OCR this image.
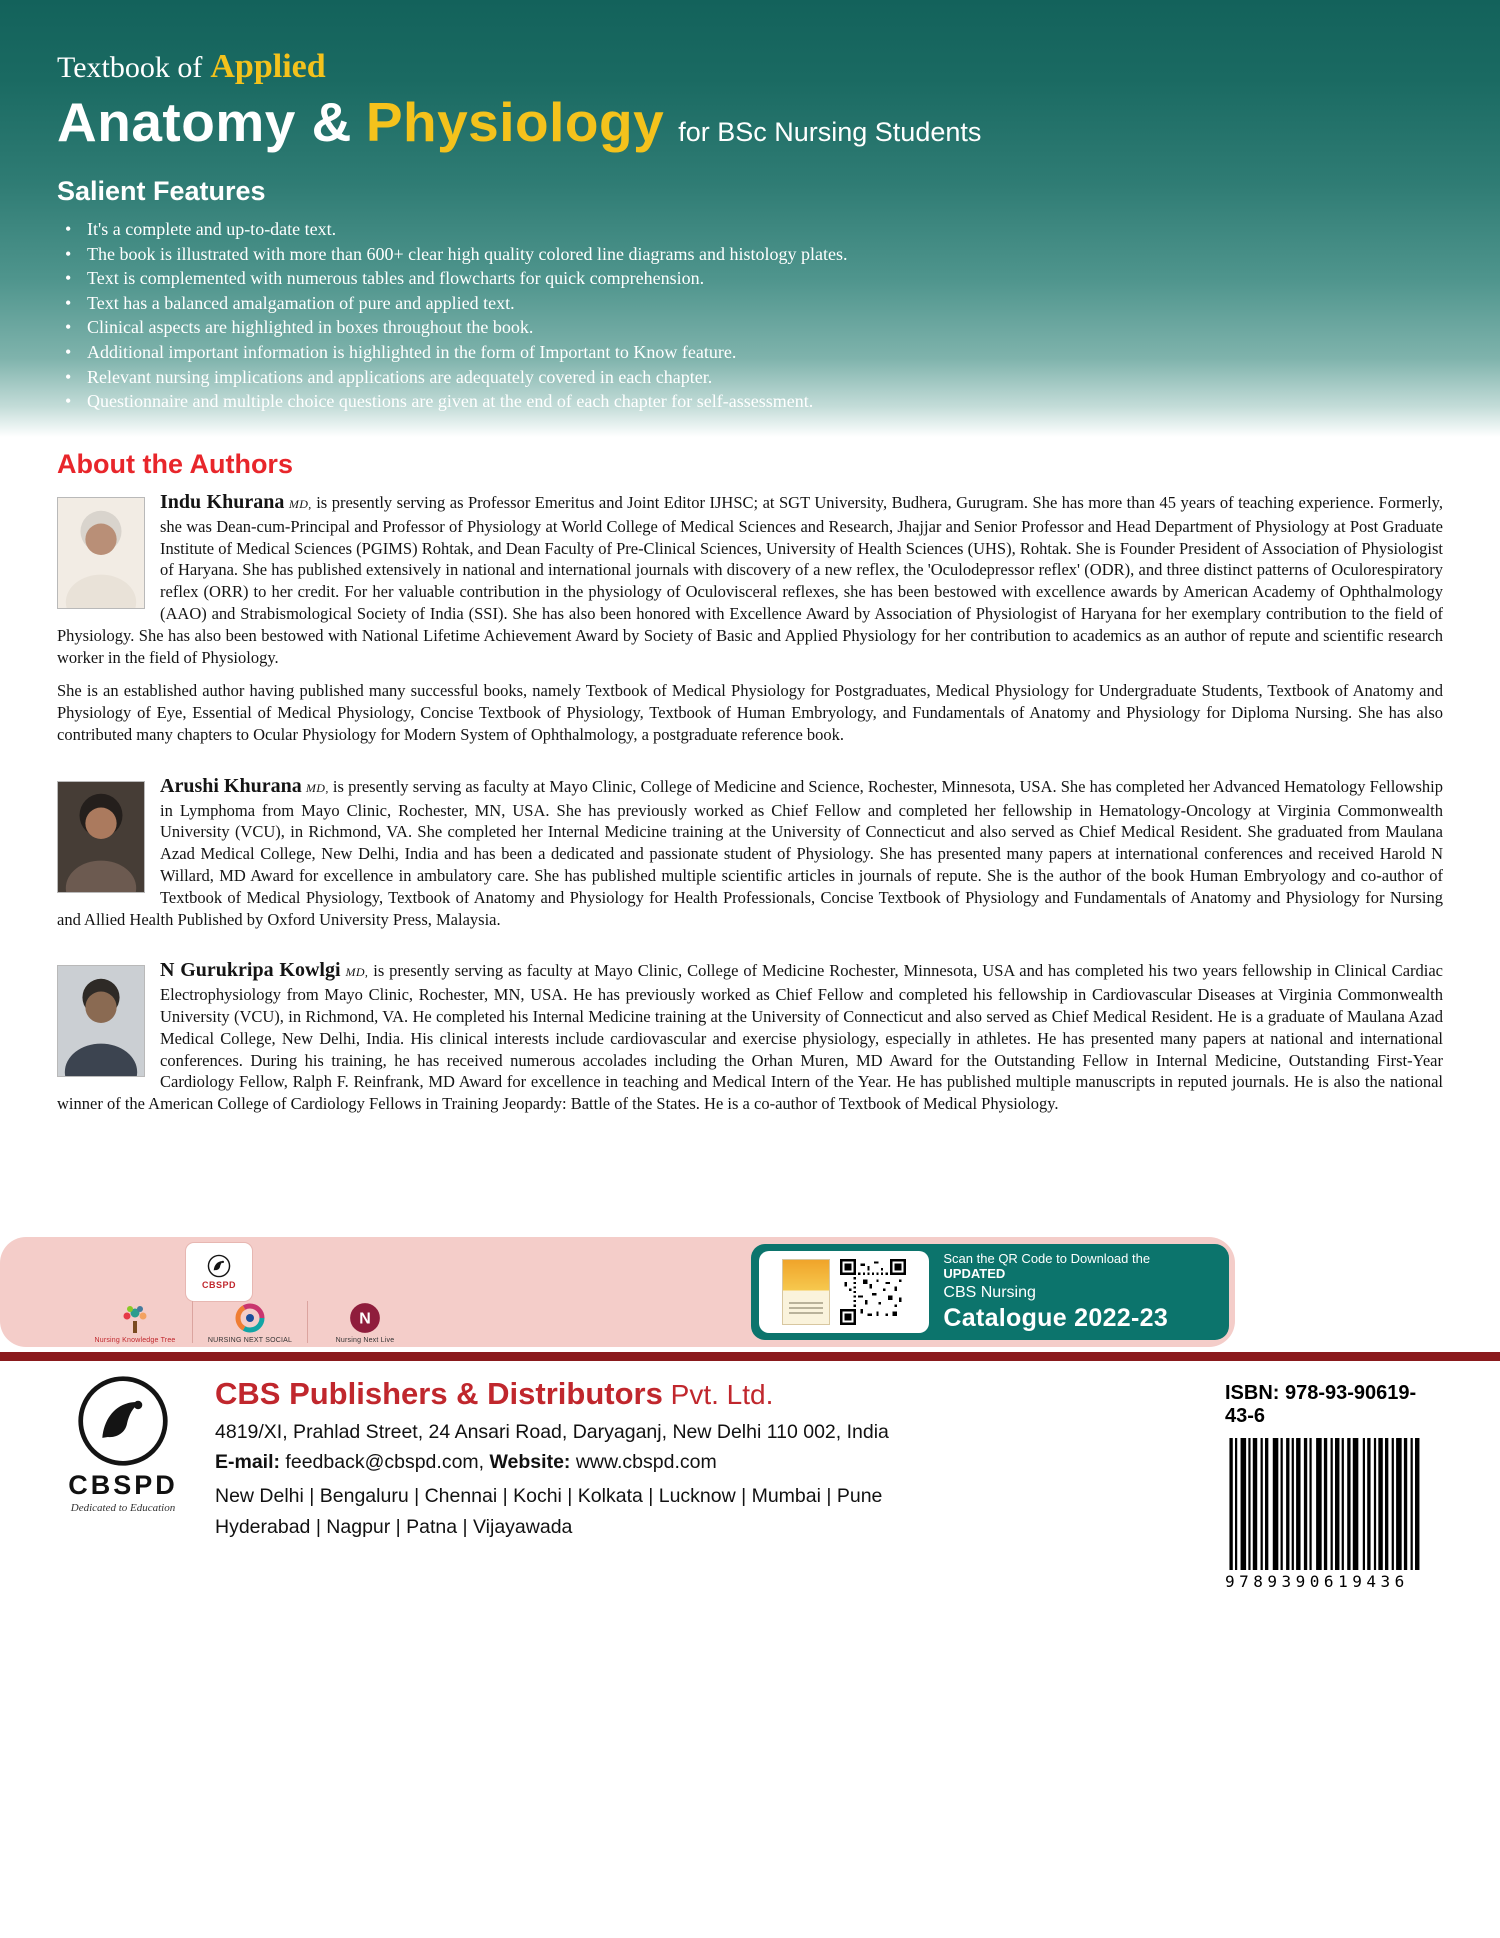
Textbook of Applied
Anatomy & Physiology for BSc Nursing Students
Salient Features
• It's a complete and up-to-date text.
• The book is illustrated with more than 600+ clear high quality colored line diagrams and histology plates.
• Text is complemented with numerous tables and flowcharts for quick comprehension.
• Text has a balanced amalgamation of pure and applied text.
• Clinical aspects are highlighted in boxes throughout the book.
• Additional important information is highlighted in the form of Important to Know feature.
• Relevant nursing implications and applications are adequately covered in each chapter.
• Questionnaire and multiple choice questions are given at the end of each chapter for self-assessment.
About the Authors

Indu Khurana MD, is presently serving as Professor Emeritus and Joint Editor IJHSC; at SGT University, Budhera, Gurugram. She has more than 45 years of teaching experience. Formerly, she was Dean-cum-Principal and Professor of Physiology at World College of Medical Sciences and Research, Jhajjar and Senior Professor and Head Department of Physiology at Post Graduate Institute of Medical Sciences (PGIMS) Rohtak, and Dean Faculty of Pre-Clinical Sciences, University of Health Sciences (UHS), Rohtak. She is Founder President of Association of Physiologist of Haryana. She has published extensively in national and international journals with discovery of a new reflex, the 'Oculodepressor reflex' (ODR), and three distinct patterns of Oculorespiratory reflex (ORR) to her credit. For her valuable contribution in the physiology of Oculovisceral reflexes, she has been bestowed with excellence awards by American Academy of Ophthalmology (AAO) and Strabismological Society of India (SSI). She has also been honored with Excellence Award by Association of Physiologist of Haryana for her exemplary contribution to the field of Physiology. She has also been bestowed with National Lifetime Achievement Award by Society of Basic and Applied Physiology for her contribution to academics as an author of repute and scientific research worker in the field of Physiology.

She is an established author having published many successful books, namely Textbook of Medical Physiology for Postgraduates, Medical Physiology for Undergraduate Students, Textbook of Anatomy and Physiology of Eye, Essential of Medical Physiology, Concise Textbook of Physiology, Textbook of Human Embryology, and Fundamentals of Anatomy and Physiology for Diploma Nursing. She has also contributed many chapters to Ocular Physiology for Modern System of Ophthalmology, a postgraduate reference book.

Arushi Khurana MD, is presently serving as faculty at Mayo Clinic, College of Medicine and Science, Rochester, Minnesota, USA. She has completed her Advanced Hematology Fellowship in Lymphoma from Mayo Clinic, Rochester, MN, USA. She has previously worked as Chief Fellow and completed her fellowship in Hematology-Oncology at Virginia Commonwealth University (VCU), in Richmond, VA. She completed her Internal Medicine training at the University of Connecticut and also served as Chief Medical Resident. She graduated from Maulana Azad Medical College, New Delhi, India and has been a dedicated and passionate student of Physiology. She has presented many papers at international conferences and received Harold N Willard, MD Award for excellence in ambulatory care. She has published multiple scientific articles in journals of repute. She is the author of the book Human Embryology and co-author of Textbook of Medical Physiology, Textbook of Anatomy and Physiology for Health Professionals, Concise Textbook of Physiology and Fundamentals of Anatomy and Physiology for Nursing and Allied Health Published by Oxford University Press, Malaysia.

N Gurukripa Kowlgi MD, is presently serving as faculty at Mayo Clinic, College of Medicine Rochester, Minnesota, USA and has completed his two years fellowship in Clinical Cardiac Electrophysiology from Mayo Clinic, Rochester, MN, USA. He has previously worked as Chief Fellow and completed his fellowship in Cardiovascular Diseases at Virginia Commonwealth University (VCU), in Richmond, VA. He completed his Internal Medicine training at the University of Connecticut and also served as Chief Medical Resident. He is a graduate of Maulana Azad Medical College, New Delhi, India. His clinical interests include cardiovascular and exercise physiology, especially in athletes. He has presented many papers at national and international conferences. During his training, he has received numerous accolades including the Orhan Muren, MD Award for the Outstanding Fellow in Internal Medicine, Outstanding First-Year Cardiology Fellow, Ralph F. Reinfrank, MD Award for excellence in teaching and Medical Intern of the Year. He has published multiple manuscripts in reputed journals. He is also the national winner of the American College of Cardiology Fellows in Training Jeopardy: Battle of the States. He is a co-author of Textbook of Medical Physiology.

CBSPD
Nursing Knowledge Tree	NURSING NEXT SOCIAL
N
Nursing Next Live
Scan the QR Code to Download the UPDATED
CBS Nursing
Catalogue 2022-23
CBSPD
Dedicated to Education
CBS Publishers & Distributors Pvt. Ltd.
4819/XI, Prahlad Street, 24 Ansari Road, Daryaganj, New Delhi 110 002, India
E-mail: feedback@cbspd.com, Website: www.cbspd.com
New Delhi | Bengaluru | Chennai | Kochi | Kolkata | Lucknow | Mumbai | Pune
Hyderabad | Nagpur | Patna | Vijayawada
ISBN: 978-93-90619-43-6
9789390619436
